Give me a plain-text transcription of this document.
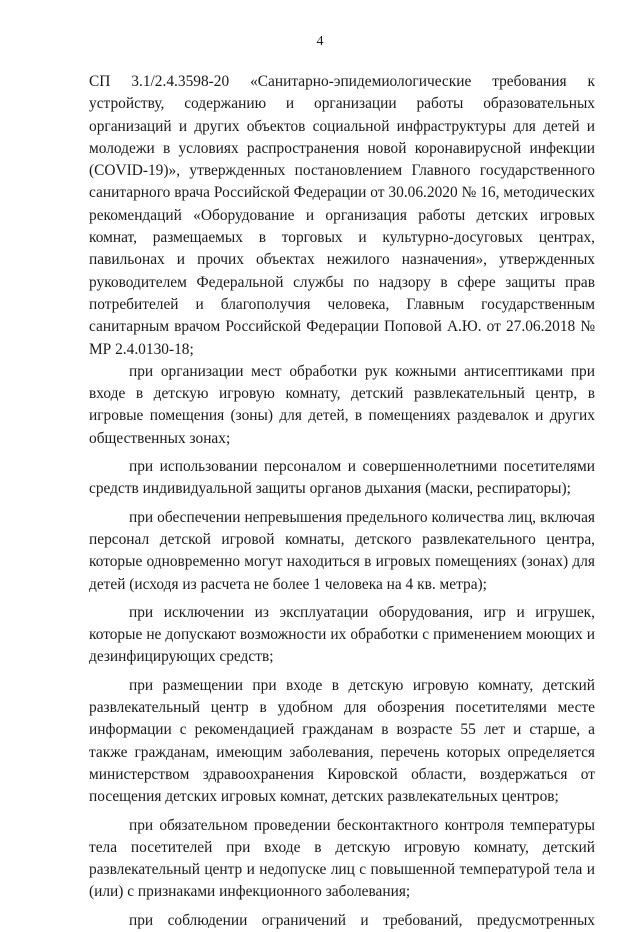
4

СП 3.1/2.4.3598-20 «Санитарно-эпидемиологические требования к устройству, содержанию и организации работы образовательных организаций и других объектов социальной инфраструктуры для детей и молодежи в условиях распространения новой коронавирусной инфекции (COVID-19)», утвержденных постановлением Главного государственного санитарного врача Российской Федерации от 30.06.2020 № 16, методических рекомендаций «Оборудование и организация работы детских игровых комнат, размещаемых в торговых и культурно-досуговых центрах, павильонах и прочих объектах нежилого назначения», утвержденных руководителем Федеральной службы по надзору в сфере защиты прав потребителей и благополучия человека, Главным государственным санитарным врачом Российской Федерации Поповой А.Ю. от 27.06.2018 № МР 2.4.0130-18;

при организации мест обработки рук кожными антисептиками при входе в детскую игровую комнату, детский развлекательный центр, в игровые помещения (зоны) для детей, в помещениях раздевалок и других общественных зонах;

при использовании персоналом и совершеннолетними посетителями средств индивидуальной защиты органов дыхания (маски, респираторы);

при обеспечении непревышения предельного количества лиц, включая персонал детской игровой комнаты, детского развлекательного центра, которые одновременно могут находиться в игровых помещениях (зонах) для детей (исходя из расчета не более 1 человека на 4 кв. метра);

при исключении из эксплуатации оборудования, игр и игрушек, которые не допускают возможности их обработки с применением моющих и дезинфицирующих средств;

при размещении при входе в детскую игровую комнату, детский развлекательный центр в удобном для обозрения посетителями месте информации с рекомендацией гражданам в возрасте 55 лет и старше, а также гражданам, имеющим заболевания, перечень которых определяется министерством здравоохранения Кировской области, воздержаться от посещения детских игровых комнат, детских развлекательных центров;

при обязательном проведении бесконтактного контроля температуры тела посетителей при входе в детскую игровую комнату, детский развлекательный центр и недопуске лиц с повышенной температурой тела и (или) с признаками инфекционного заболевания;

при соблюдении ограничений и требований, предусмотренных
